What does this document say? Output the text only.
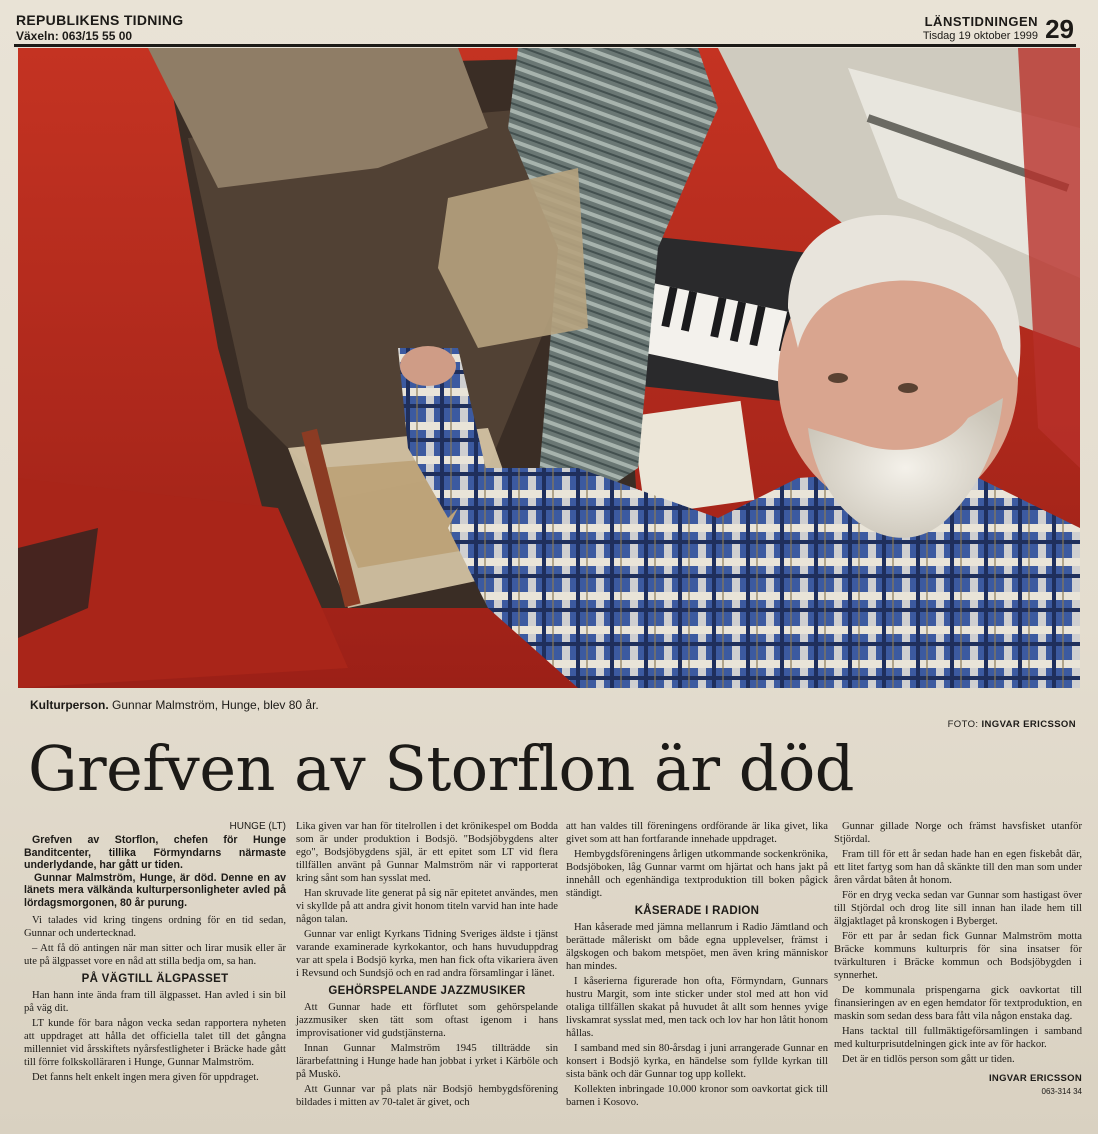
REPUBLIKENS TIDNING
Växeln: 063/15 55 00
LÄNSTIDNINGEN
Tisdag 19 oktober 1999 29
Kulturperson. Gunnar Malmström, Hunge, blev 80 år.
FOTO: INGVAR ERICSSON
Grefven av Storflon är död
HUNGE (LT)

Grefven av Storflon, chefen för Hunge Banditcenter, tillika Förmyndarns närmaste underlydande, har gått ur tiden.

Gunnar Malmström, Hunge, är död. Denne en av länets mera välkända kulturpersonligheter avled på lördagsmorgonen, 80 år purung.

Vi talades vid kring tingens ordning för en tid sedan, Gunnar och undertecknad.

– Att få dö antingen när man sitter och lirar musik eller är ute på älgpasset vore en nåd att stilla bedja om, sa han.

PÅ VÄGTILL ÄLGPASSET

Han hann inte ända fram till älgpasset. Han avled i sin bil på väg dit.

LT kunde för bara någon vecka sedan rapportera nyheten att uppdraget att hålla det officiella talet till det gångna millenniet vid årsskiftets nyårsfestligheter i Bräcke hade gått till förre folkskolläraren i Hunge, Gunnar Malmström.

Det fanns helt enkelt ingen mera given för uppdraget.

Lika given var han för titelrollen i det krönikespel om Bodda som är under produktion i Bodsjö. "Bodsjöbygdens alter ego", Bodsjöbygdens själ, är ett epitet som LT vid flera tillfällen använt på Gunnar Malmström när vi rapporterat kring sånt som han sysslat med.

Han skruvade lite generat på sig när epitetet användes, men vi skyllde på att andra givit honom titeln varvid han inte hade någon talan.

Gunnar var enligt Kyrkans Tidning Sveriges äldste i tjänst varande examinerade kyrkokantor, och hans huvuduppdrag var att spela i Bodsjö kyrka, men han fick ofta vikariera även i Revsund och Sundsjö och en rad andra församlingar i länet.

GEHÖRSPELANDE JAZZMUSIKER

Att Gunnar hade ett förflutet som gehörspelande jazzmusiker sken tätt som oftast igenom i hans improvisationer vid gudstjänsterna.

Innan Gunnar Malmström 1945 tillträdde sin lärarbefattning i Hunge hade han jobbat i yrket i Kärböle och på Muskö.

Att Gunnar var på plats när Bodsjö hembygdsförening bildades i mitten av 70-talet är givet, och

att han valdes till föreningens ordförande är lika givet, lika givet som att han fortfarande innehade uppdraget.

Hembygdsföreningens årligen utkommande sockenkrönika, Bodsjöboken, låg Gunnar varmt om hjärtat och hans jakt på innehåll och egenhändiga textproduktion till boken pågick ständigt.

KÅSERADE I RADION

Han kåserade med jämna mellanrum i Radio Jämtland och berättade måleriskt om både egna upplevelser, främst i älgskogen och bakom metspöet, men även kring människor han mindes.

I kåserierna figurerade hon ofta, Förmyndarn, Gunnars hustru Margit, som inte sticker under stol med att hon vid otaliga tillfällen skakat på huvudet åt allt som hennes yvige livskamrat sysslat med, men tack och lov har hon låtit honom hållas.

I samband med sin 80-årsdag i juni arrangerade Gunnar en konsert i Bodsjö kyrka, en händelse som fyllde kyrkan till sista bänk och där Gunnar tog upp kollekt.

Kollekten inbringade 10.000 kronor som oavkortat gick till barnen i Kosovo.

Gunnar gillade Norge och främst havsfisket utanför Stjördal.

Fram till för ett år sedan hade han en egen fiskebåt där, ett litet fartyg som han då skänkte till den man som under åren vårdat båten åt honom.

För en dryg vecka sedan var Gunnar som hastigast över till Stjördal och drog lite sill innan han ilade hem till älgjaktlaget på kronskogen i Byberget.

För ett par år sedan fick Gunnar Malmström motta Bräcke kommuns kulturpris för sina insatser för tvärkulturen i Bräcke kommun och Bodsjöbygden i synnerhet.

De kommunala prispengarna gick oavkortat till finansieringen av en egen hemdator för textproduktion, en maskin som sedan dess bara fått vila någon enstaka dag.

Hans tacktal till fullmäktigeförsamlingen i samband med kulturprisutdelningen gick inte av för hackor.

Det är en tidlös person som gått ur tiden.

INGVAR ERICSSON
063-314 34
